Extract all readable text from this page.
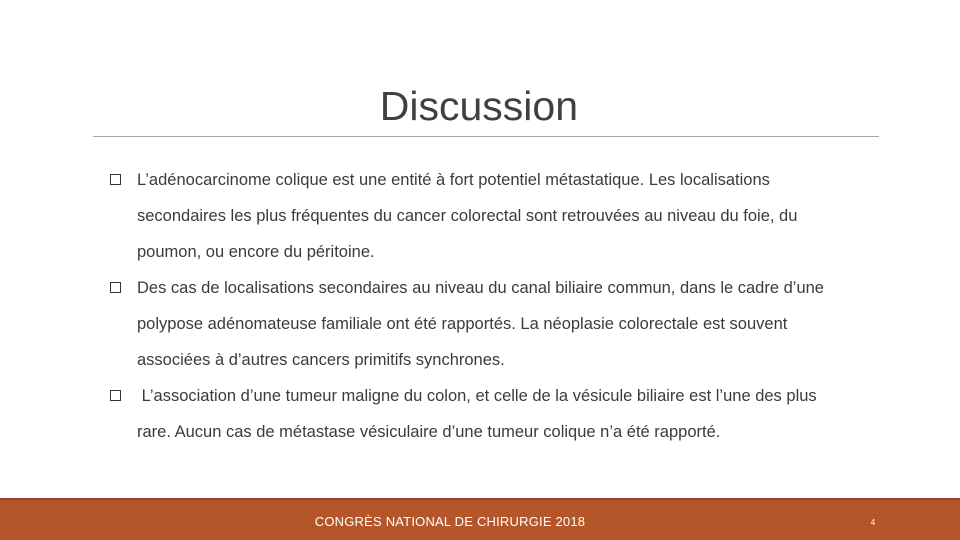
Discussion
L’adénocarcinome colique est une entité à fort potentiel métastatique. Les localisations secondaires les plus fréquentes du cancer colorectal sont retrouvées au niveau du foie, du poumon, ou encore du péritoine.
Des cas de localisations secondaires au niveau du canal biliaire commun, dans le cadre d’une polypose adénomateuse familiale ont été rapportés. La néoplasie colorectale est souvent associées à d’autres cancers primitifs synchrones.
L’association d’une tumeur maligne du colon, et celle de la vésicule biliaire est l’une des plus rare. Aucun cas de métastase vésiculaire d’une tumeur colique n’a été rapporté.
CONGRÈS NATIONAL DE CHIRURGIE 2018	4
